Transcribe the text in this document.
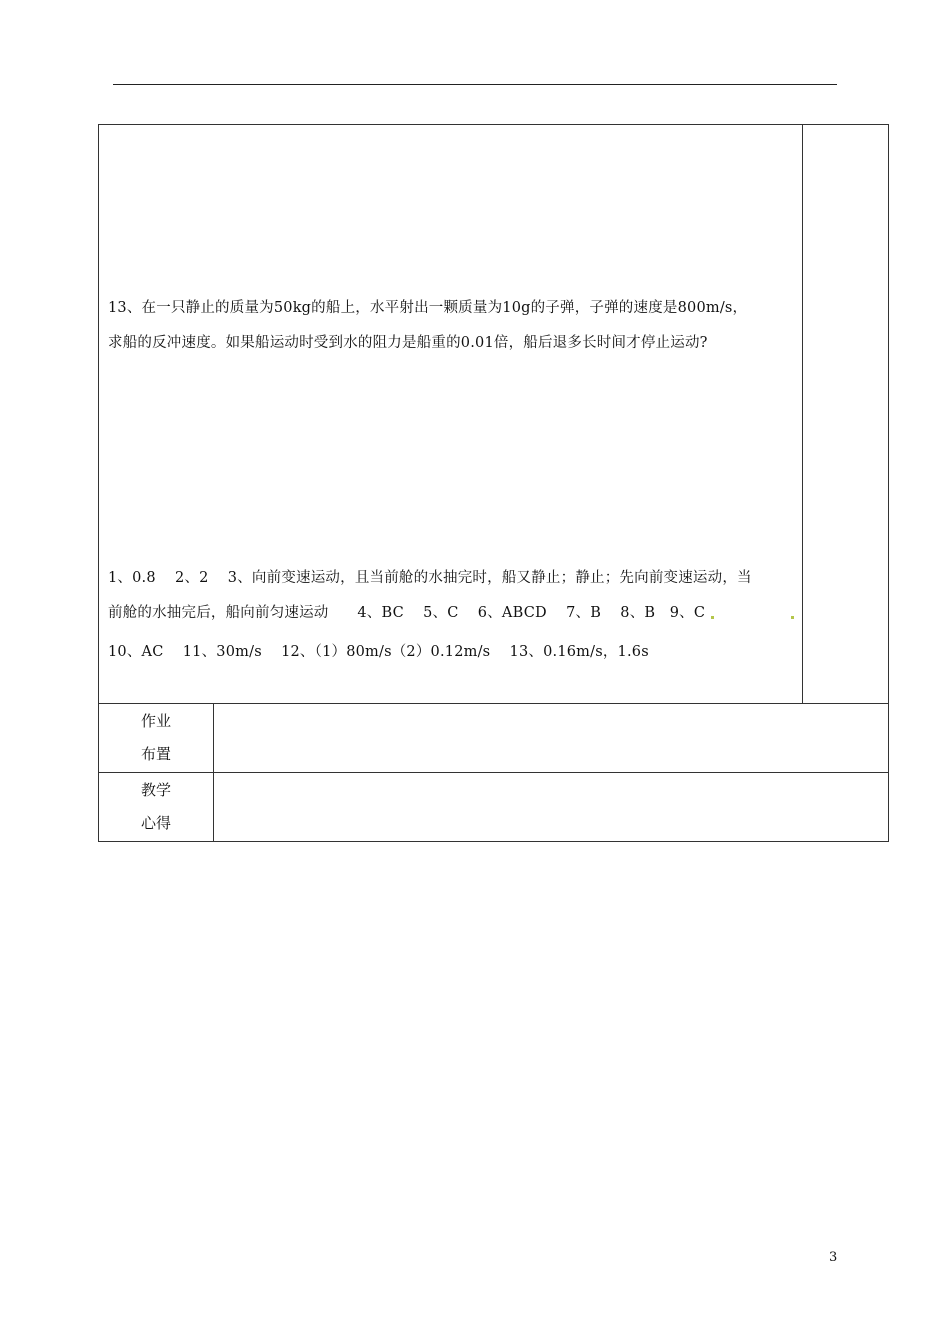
13、在一只静止的质量为50kg的船上，水平射出一颗质量为10g的子弹，子弹的速度是800m/s，
求船的反冲速度。如果船运动时受到水的阻力是船重的0.01倍，船后退多长时间才停止运动?
1、0.8    2、2    3、向前变速运动，且当前舱的水抽完时，船又静止；静止；先向前变速运动，当
前舱的水抽完后，船向前匀速运动      4、BC    5、C    6、ABCD    7、B    8、B   9、C
10、AC    11、30m/s    12、（1）80m/s（2）0.12m/s    13、0.16m/s，1.6s
作业
布置
教学
心得
3
